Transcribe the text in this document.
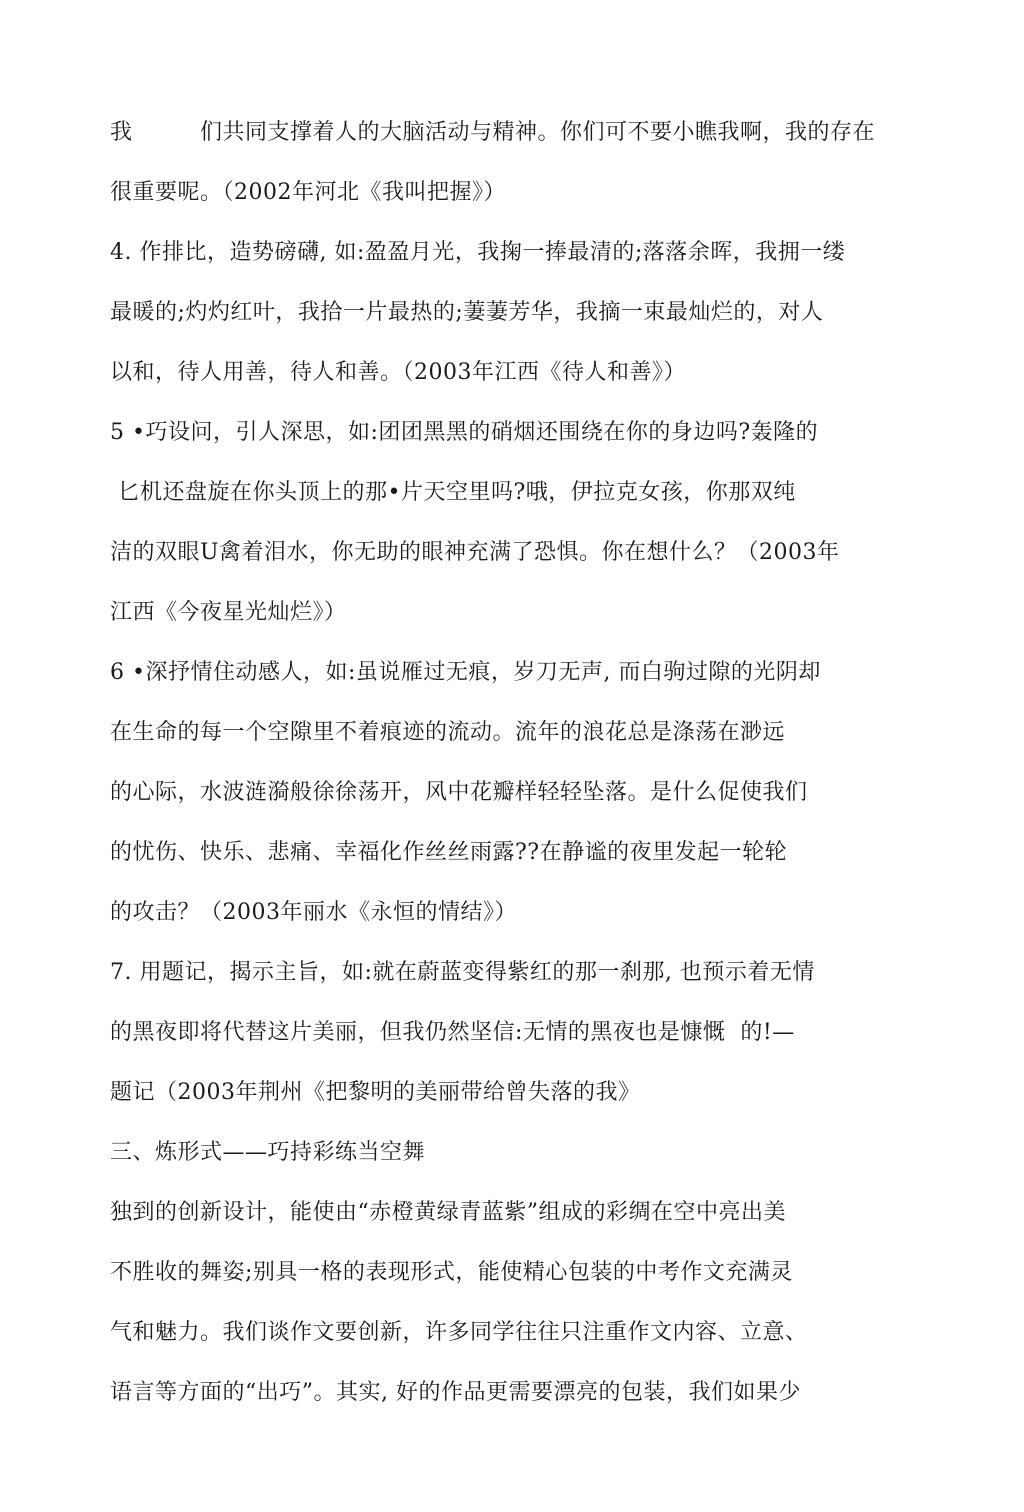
我　　　们共同支撑着人的大脑活动与精神。你们可不要小瞧我啊，我的存在
很重要呢。（2002年河北《我叫把握》）
4. 作排比，造势磅礴, 如:盈盈月光，我掬一捧最清的;落落余晖，我拥一缕
最暖的;灼灼红叶，我拾一片最热的;萋萋芳华，我摘一束最灿烂的，对人
以和，待人用善，待人和善。（2003年江西《待人和善》）
5 •巧设问，引人深思，如:团团黑黑的硝烟还围绕在你的身边吗?轰隆的
匕机还盘旋在你头顶上的那•片天空里吗?哦，伊拉克女孩，你那双纯
洁的双眼U禽着泪水，你无助的眼神充满了恐惧。你在想什么？（2003年
江西《今夜星光灿烂》）
6 •深抒情住动感人，如:虽说雁过无痕，岁刀无声, 而白驹过隙的光阴却
在生命的每一个空隙里不着痕迹的流动。流年的浪花总是涤荡在渺远
的心际，水波涟漪般徐徐荡开，风中花瓣样轻轻坠落。是什么促使我们
的忧伤、快乐、悲痛、幸福化作丝丝雨露??在静谧的夜里发起一轮轮
的攻击？（2003年丽水《永恒的情结》）
7. 用题记，揭示主旨，如:就在蔚蓝变得紫红的那一刹那, 也预示着无情
的黑夜即将代替这片美丽，但我仍然坚信:无情的黑夜也是慷慨  的!—
题记（2003年荆州《把黎明的美丽带给曾失落的我》
三、炼形式——巧持彩练当空舞
独到的创新设计，能使由“赤橙黄绿青蓝紫”组成的彩绸在空中亮出美
不胜收的舞姿;别具一格的表现形式，能使精心包装的中考作文充满灵
气和魅力。我们谈作文要创新，许多同学往往只注重作文内容、立意、
语言等方面的“出巧”。其实, 好的作品更需要漂亮的包装，我们如果少
